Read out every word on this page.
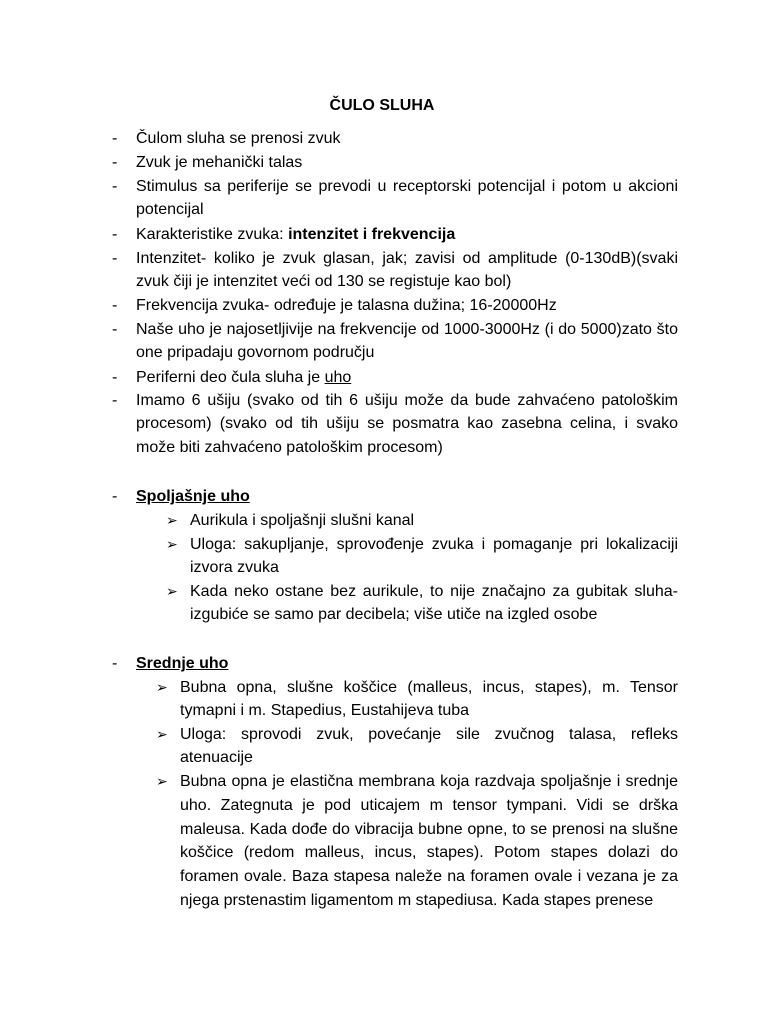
ČULO SLUHA
- Čulom sluha se prenosi zvuk
- Zvuk je mehanički talas
- Stimulus sa periferije se prevodi u receptorski potencijal i potom u akcioni potencijal
- Karakteristike zvuka: intenzitet i frekvencija
- Intenzitet- koliko je zvuk glasan, jak; zavisi od amplitude (0-130dB)(svaki zvuk čiji je intenzitet veći od 130 se registuje kao bol)
- Frekvencija zvuka- određuje je talasna dužina; 16-20000Hz
- Naše uho je najosetljivije na frekvencije od 1000-3000Hz (i do 5000)zato što one pripadaju govornom području
- Periferni deo čula sluha je uho
- Imamo 6 ušiju (svako od tih 6 ušiju može da bude zahvaćeno patološkim procesom) (svako od tih ušiju se posmatra kao zasebna celina, i svako može biti zahvaćeno patološkim procesom)
- Spoljašnje uho
➢ Aurikula i spoljašnji slušni kanal
➢ Uloga: sakupljanje, sprovođenje zvuka i pomaganje pri lokalizaciji izvora zvuka
➢ Kada neko ostane bez aurikule, to nije značajno za gubitak sluha- izgubiće se samo par decibela; više utiče na izgled osobe
- Srednje uho
➢ Bubna opna, slušne koščice (malleus, incus, stapes), m. Tensor tymapni i m. Stapedius, Eustahijeva tuba
➢ Uloga: sprovodi zvuk, povećanje sile zvučnog talasa, refleks atenuacije
➢ Bubna opna je elastična membrana koja razdvaja spoljašnje i srednje uho. Zategnuta je pod uticajem m tensor tympani. Vidi se drška maleusa. Kada dođe do vibracija bubne opne, to se prenosi na slušne koščice (redom malleus, incus, stapes). Potom stapes dolazi do foramen ovale. Baza stapesa naleže na foramen ovale i vezana je za njega prstenastim ligamentom m stapediusa. Kada stapes prenese
